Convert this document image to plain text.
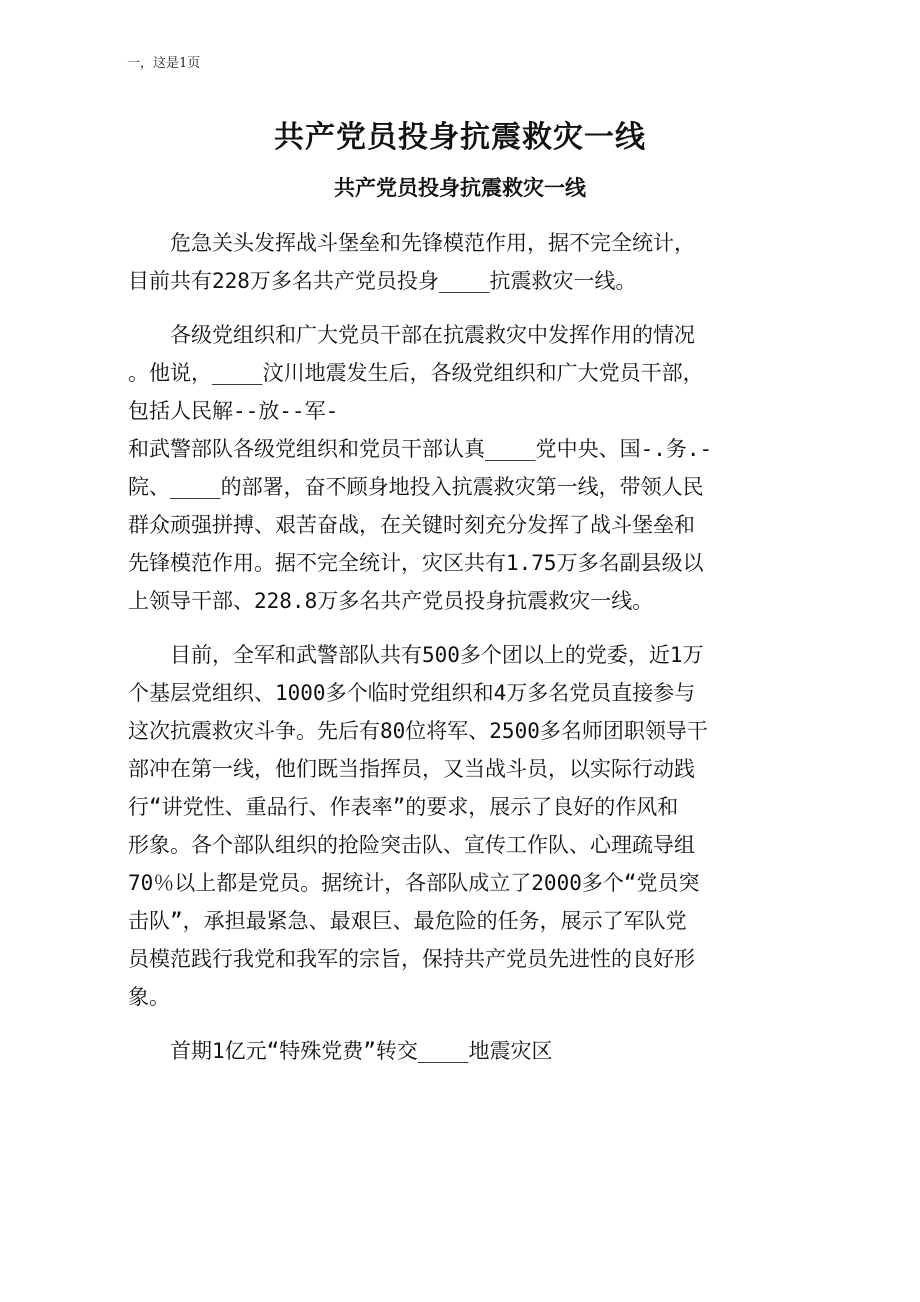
一，这是1页
共产党员投身抗震救灾一线
共产党员投身抗震救灾一线

危急关头发挥战斗堡垒和先锋模范作用，据不完全统计，
目前共有228万多名共产党员投身____抗震救灾一线。

各级党组织和广大党员干部在抗震救灾中发挥作用的情况
。他说，____汶川地震发生后，各级党组织和广大党员干部，
包括人民解--放--军-
和武警部队各级党组织和党员干部认真____党中央、国-.务.-
院、____的部署，奋不顾身地投入抗震救灾第一线，带领人民
群众顽强拼搏、艰苦奋战，在关键时刻充分发挥了战斗堡垒和
先锋模范作用。据不完全统计，灾区共有1.75万多名副县级以
上领导干部、228.8万多名共产党员投身抗震救灾一线。

目前，全军和武警部队共有500多个团以上的党委，近1万
个基层党组织、1000多个临时党组织和4万多名党员直接参与
这次抗震救灾斗争。先后有80位将军、2500多名师团职领导干
部冲在第一线，他们既当指挥员，又当战斗员，以实际行动践
行“讲党性、重品行、作表率”的要求，展示了良好的作风和
形象。各个部队组织的抢险突击队、宣传工作队、心理疏导组
70％以上都是党员。据统计，各部队成立了2000多个“党员突
击队”，承担最紧急、最艰巨、最危险的任务，展示了军队党
员模范践行我党和我军的宗旨，保持共产党员先进性的良好形
象。

首期1亿元“特殊党费”转交____地震灾区
